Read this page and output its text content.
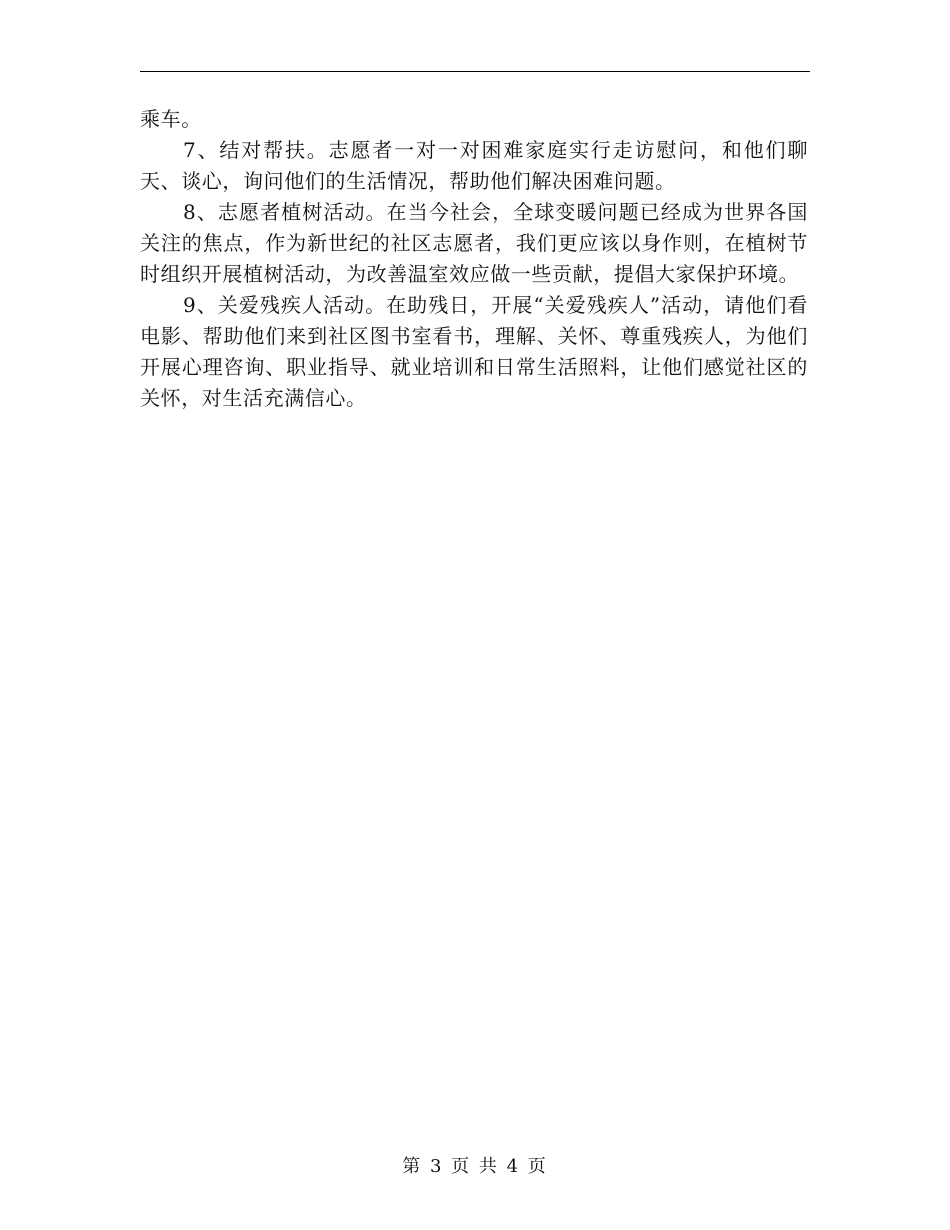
乘车。

7、结对帮扶。志愿者一对一对困难家庭实行走访慰问，和他们聊天、谈心，询问他们的生活情况，帮助他们解决困难问题。

8、志愿者植树活动。在当今社会，全球变暖问题已经成为世界各国关注的焦点，作为新世纪的社区志愿者，我们更应该以身作则，在植树节时组织开展植树活动，为改善温室效应做一些贡献，提倡大家保护环境。

9、关爱残疾人活动。在助残日，开展“关爱残疾人”活动，请他们看电影、帮助他们来到社区图书室看书，理解、关怀、尊重残疾人，为他们开展心理咨询、职业指导、就业培训和日常生活照料，让他们感觉社区的关怀，对生活充满信心。

第 3 页 共 4 页
